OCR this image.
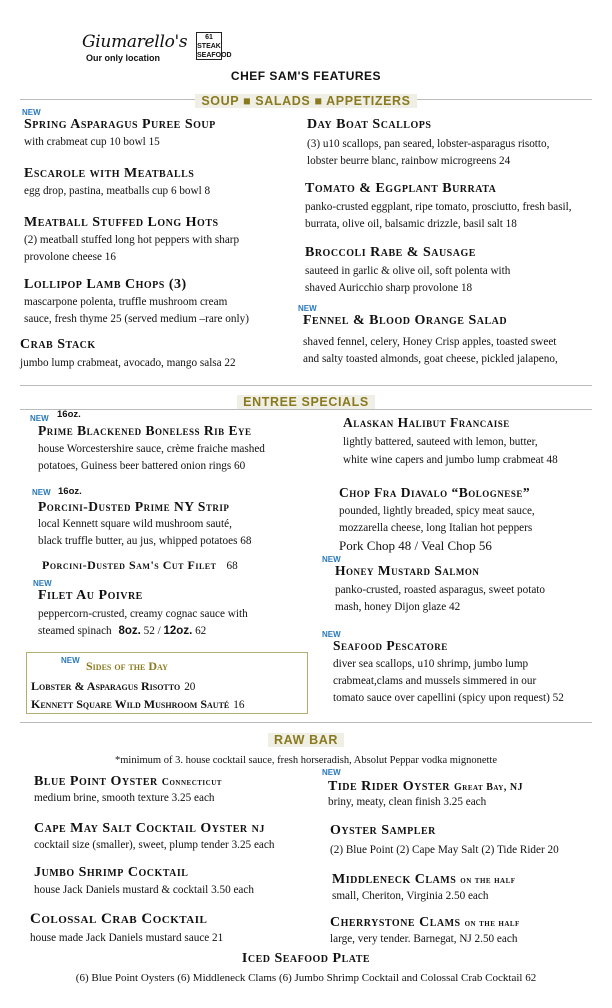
Giumarello's
Our only location
61 STEAK SEAFOOD
CHEF SAM'S FEATURES
SOUP ■ SALADS ■ APPETIZERS
NEW
Spring Asparagus Puree Soup
with crabmeat cup 10 bowl 15
Escarole with Meatballs
egg drop, pastina, meatballs cup 6 bowl 8
Meatball Stuffed Long Hots
(2) meatball stuffed long hot peppers with sharp
provolone cheese 16
Lollipop Lamb Chops (3)
mascarpone polenta, truffle mushroom cream
sauce, fresh thyme 25 (served medium –rare only)
Crab Stack
jumbo lump crabmeat, avocado, mango salsa 22
Day Boat Scallops
(3) u10 scallops, pan seared, lobster-asparagus risotto,
lobster beurre blanc, rainbow microgreens 24
Tomato & Eggplant Burrata
panko-crusted eggplant, ripe tomato, prosciutto, fresh basil,
burrata, olive oil, balsamic drizzle, basil salt 18
Broccoli Rabe & Sausage
sauteed in garlic & olive oil, soft polenta with
shaved Auricchio sharp provolone 18
NEW
Fennel & Blood Orange Salad
shaved fennel, celery, Honey Crisp apples, toasted sweet
and salty toasted almonds, goat cheese, pickled jalapeno,
ENTREE SPECIALS
NEW 16oz.
Prime Blackened Boneless Rib Eye
house Worcestershire sauce, crème fraiche mashed
potatoes, Guiness beer battered onion rings 60
NEW 16oz.
Porcini-Dusted Prime NY Strip
local Kennett square wild mushroom sauté,
black truffle butter, au jus, whipped potatoes 68
Porcini-Dusted Sam's Cut Filet 68
NEW
Filet Au Poivre
peppercorn-crusted, creamy cognac sauce with
steamed spinach 8oz. 52 / 12oz. 62
NEW Sides of the Day
Lobster & Asparagus Risotto 20
Kennett Square Wild Mushroom Sauté 16
Alaskan Halibut Francaise
lightly battered, sauteed with lemon, butter,
white wine capers and jumbo lump crabmeat 48
Chop Fra Diavalo “Bolognese”
pounded, lightly breaded, spicy meat sauce,
mozzarella cheese, long Italian hot peppers
Pork Chop 48 / Veal Chop 56
NEW
Honey Mustard Salmon
panko-crusted, roasted asparagus, sweet potato
mash, honey Dijon glaze 42
NEW
Seafood Pescatore
diver sea scallops, u10 shrimp, jumbo lump
crabmeat,clams and mussels simmered in our
tomato sauce over capellini (spicy upon request) 52
RAW BAR
*minimum of 3. house cocktail sauce, fresh horseradish, Absolut Peppar vodka mignonette
Blue Point Oyster Connecticut
medium brine, smooth texture 3.25 each
Cape May Salt Cocktail Oyster NJ
cocktail size (smaller), sweet, plump tender 3.25 each
Jumbo Shrimp Cocktail
house Jack Daniels mustard & cocktail 3.50 each
Colossal Crab Cocktail
house made Jack Daniels mustard sauce 21
NEW
Tide Rider Oyster Great Bay, NJ
briny, meaty, clean finish 3.25 each
Oyster Sampler
(2) Blue Point (2) Cape May Salt (2) Tide Rider 20
Middleneck Clams on the half
small, Cheriton, Virginia 2.50 each
Cherrystone Clams on the half
large, very tender. Barnegat, NJ 2.50 each
Iced Seafood Plate
(6) Blue Point Oysters (6) Middleneck Clams (6) Jumbo Shrimp Cocktail and Colossal Crab Cocktail 62
